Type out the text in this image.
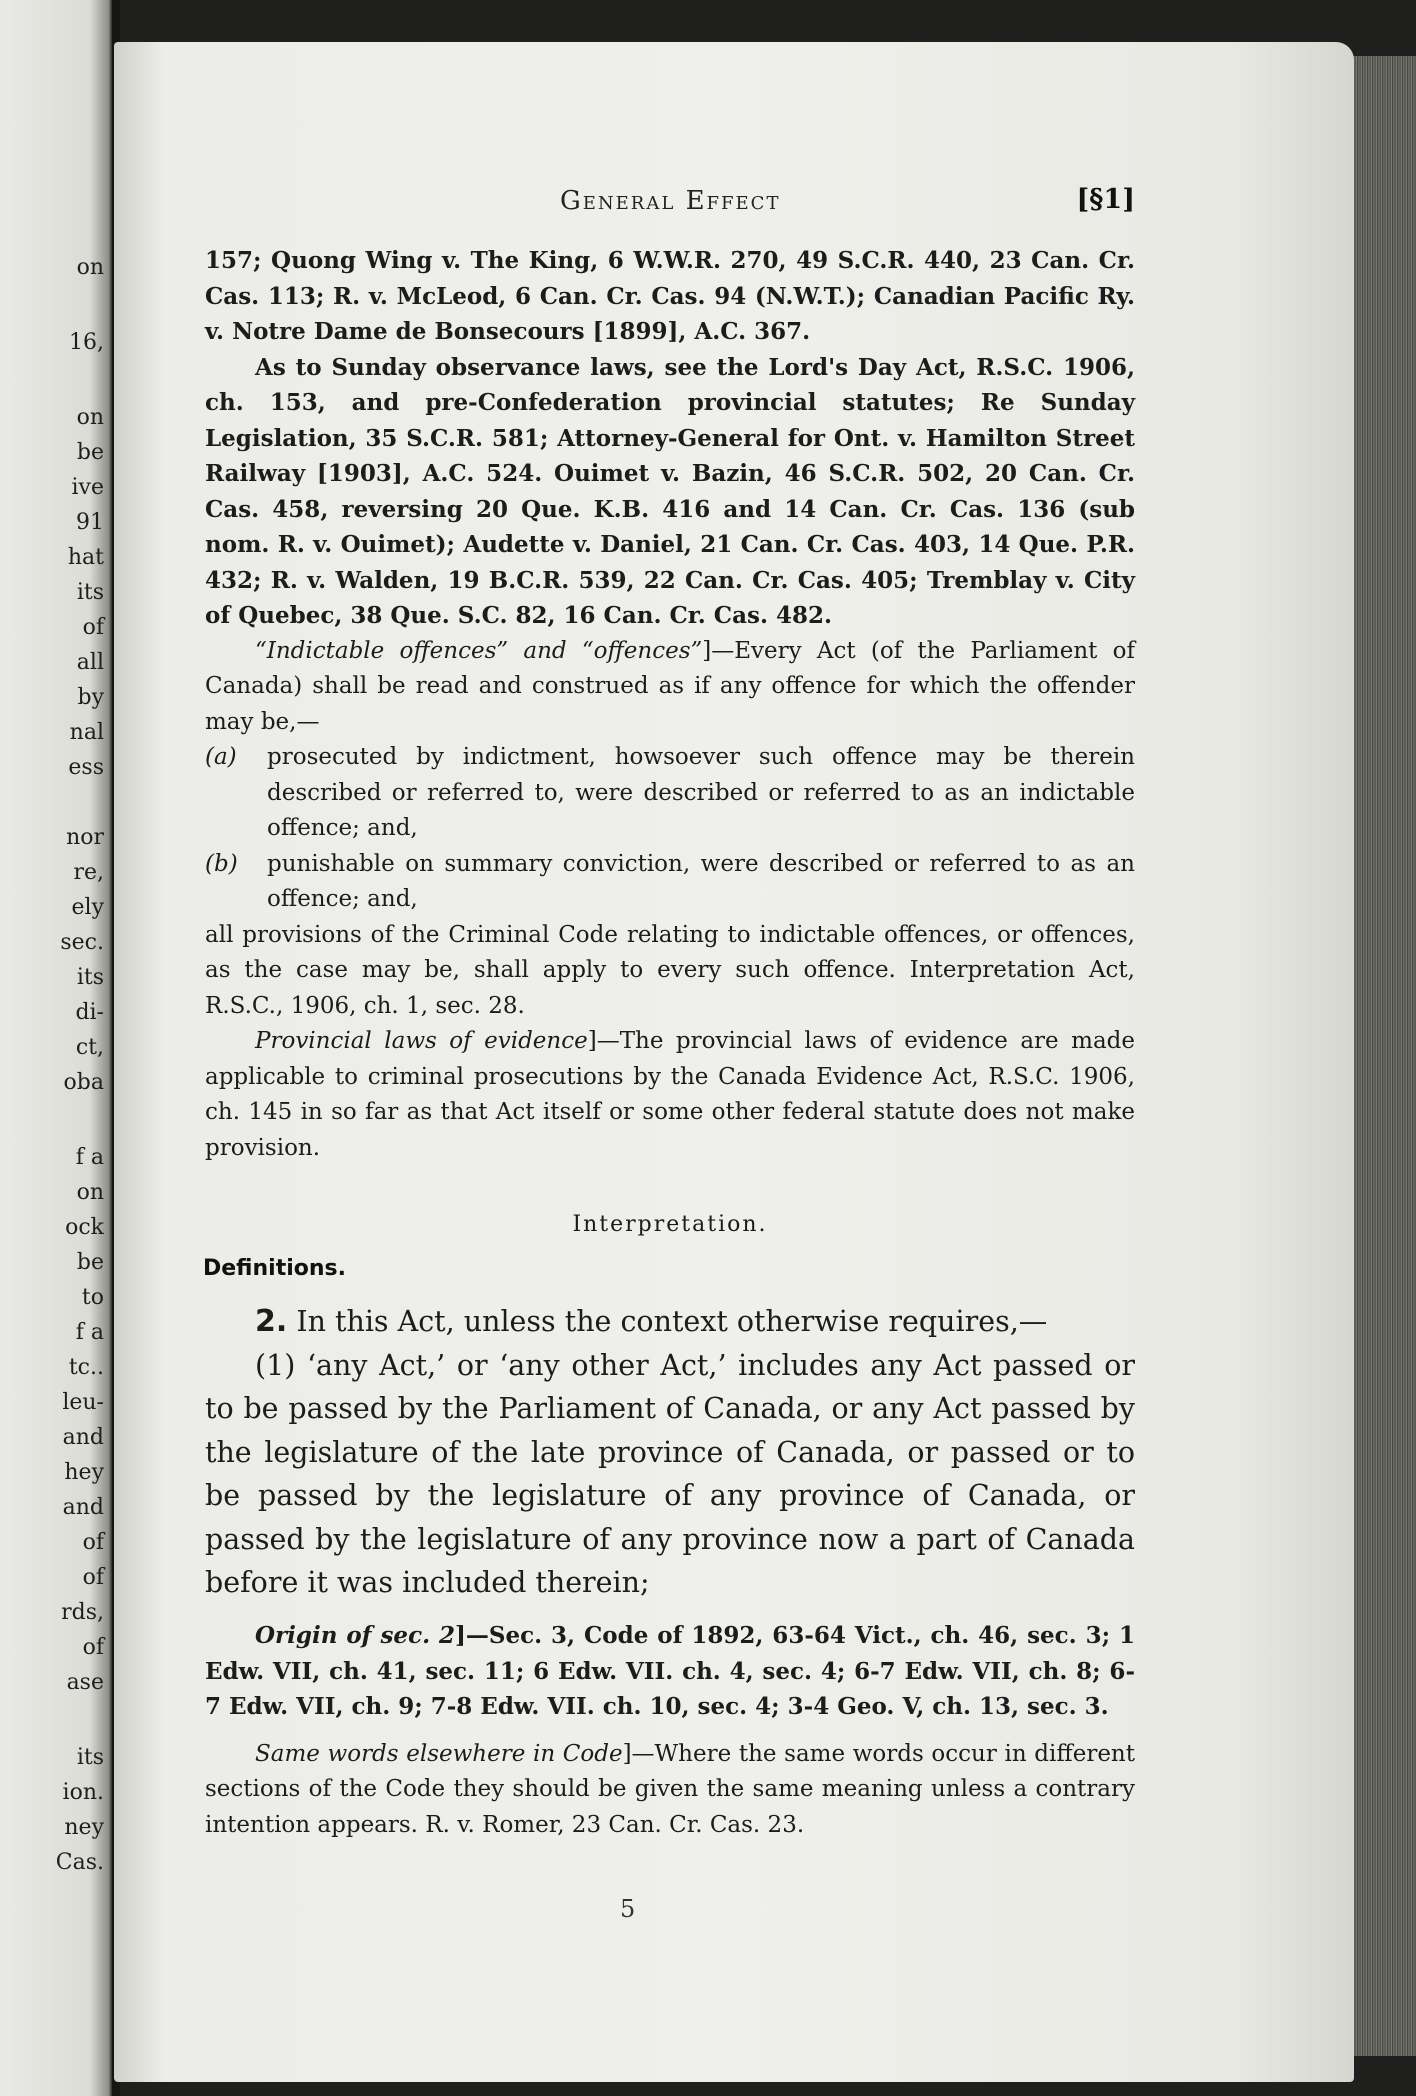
on
16,
on
be
ive
91
hat
its
of
all
by
nal
ess
nor
re,
ely
sec.
its
di-
ct,
oba
f a
on
ock
be
to
f a
tc..
leu-
and
hey
and
of
of
rds,
of
ase
its
ion.
ney
Cas.
General Effect	[§1]

157; Quong Wing v. The King, 6 W.W.R. 270, 49 S.C.R. 440, 23 Can. Cr. Cas. 113; R. v. McLeod, 6 Can. Cr. Cas. 94 (N.W.T.); Canadian Pacific Ry. v. Notre Dame de Bonsecours [1899], A.C. 367.

As to Sunday observance laws, see the Lord's Day Act, R.S.C. 1906, ch. 153, and pre-Confederation provincial statutes; Re Sunday Legislation, 35 S.C.R. 581; Attorney-General for Ont. v. Hamilton Street Railway [1903], A.C. 524. Ouimet v. Bazin, 46 S.C.R. 502, 20 Can. Cr. Cas. 458, reversing 20 Que. K.B. 416 and 14 Can. Cr. Cas. 136 (sub nom. R. v. Ouimet); Audette v. Daniel, 21 Can. Cr. Cas. 403, 14 Que. P.R. 432; R. v. Walden, 19 B.C.R. 539, 22 Can. Cr. Cas. 405; Tremblay v. City of Quebec, 38 Que. S.C. 82, 16 Can. Cr. Cas. 482.

“Indictable offences” and “offences”]—Every Act (of the Parliament of Canada) shall be read and construed as if any offence for which the offender may be,—

(a)	prosecuted by indictment, howsoever such offence may be therein described or referred to, were described or referred to as an indictable offence; and,
(b)	punishable on summary conviction, were described or referred to as an offence; and,

all provisions of the Criminal Code relating to indictable offences, or offences, as the case may be, shall apply to every such offence. Interpretation Act, R.S.C., 1906, ch. 1, sec. 28.

Provincial laws of evidence]—The provincial laws of evidence are made applicable to criminal prosecutions by the Canada Evidence Act, R.S.C. 1906, ch. 145 in so far as that Act itself or some other federal statute does not make provision.

Interpretation.
Definitions.

2. In this Act, unless the context otherwise requires,—

(1) ‘any Act,’ or ‘any other Act,’ includes any Act passed or to be passed by the Parliament of Canada, or any Act passed by the legislature of the late province of Canada, or passed or to be passed by the legislature of any province of Canada, or passed by the legislature of any province now a part of Canada before it was included therein;

Origin of sec. 2]—Sec. 3, Code of 1892, 63-64 Vict., ch. 46, sec. 3; 1 Edw. VII, ch. 41, sec. 11; 6 Edw. VII. ch. 4, sec. 4; 6-7 Edw. VII, ch. 8; 6-7 Edw. VII, ch. 9; 7-8 Edw. VII. ch. 10, sec. 4; 3-4 Geo. V, ch. 13, sec. 3.

Same words elsewhere in Code]—Where the same words occur in different sections of the Code they should be given the same meaning unless a contrary intention appears. R. v. Romer, 23 Can. Cr. Cas. 23.

5
